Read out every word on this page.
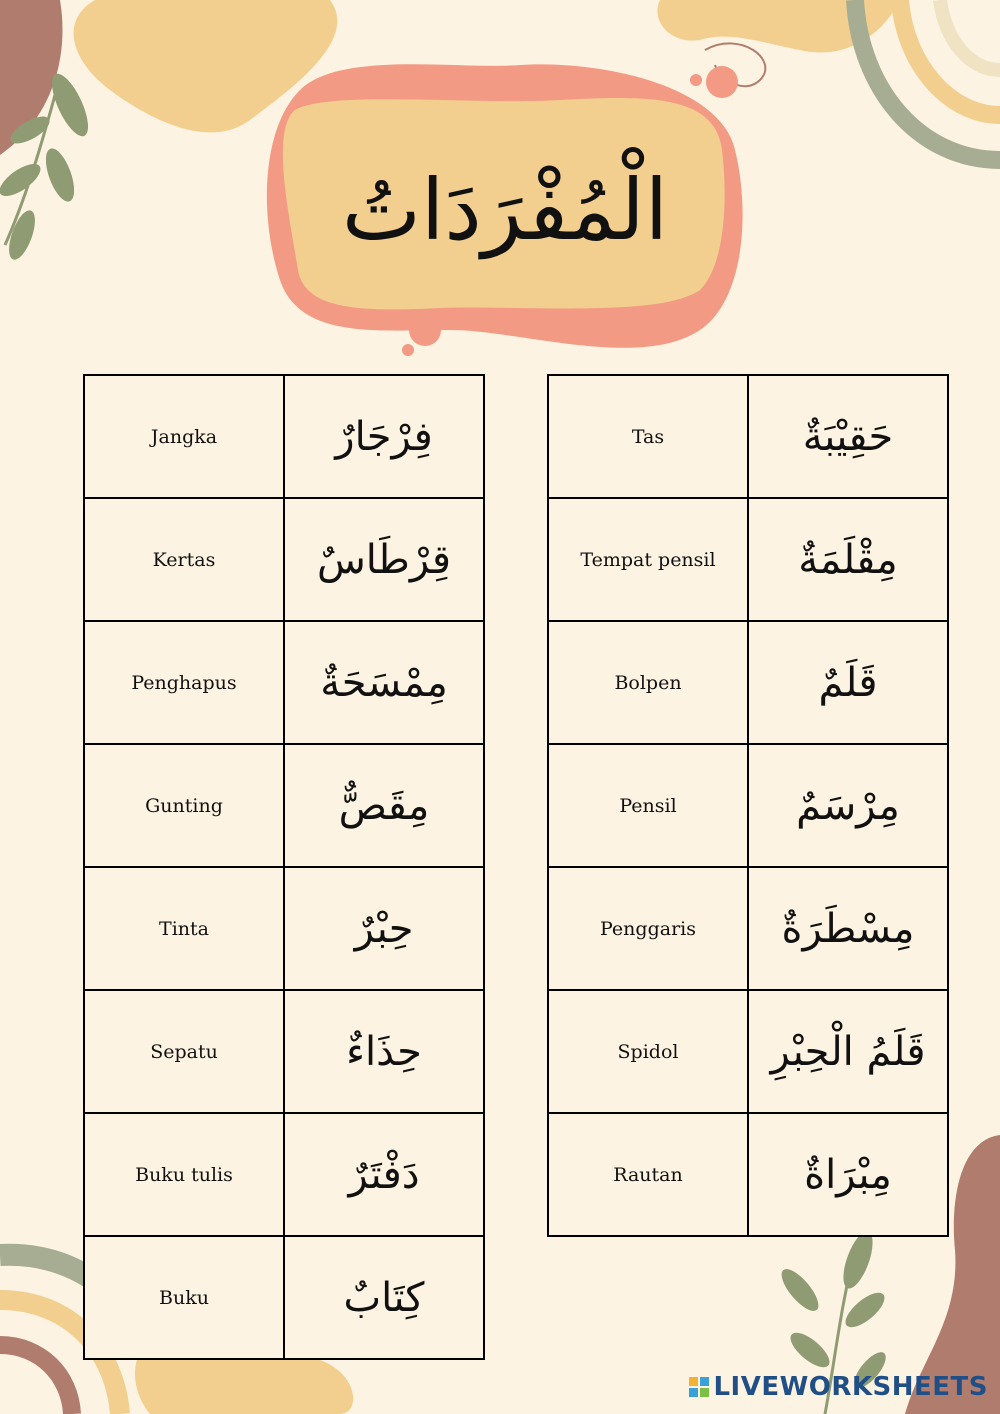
الْمُفْرَدَاتُ
Jangka	فِرْجَارٌ
Kertas	قِرْطَاسٌ
Penghapus	مِمْسَحَةٌ
Gunting	مِقَصٌّ
Tinta	حِبْرٌ
Sepatu	حِذَاءٌ
Buku tulis	دَفْتَرٌ
Buku	كِتَابٌ
Tas	حَقِيْبَةٌ
Tempat pensil	مِقْلَمَةٌ
Bolpen	قَلَمٌ
Pensil	مِرْسَمٌ
Penggaris	مِسْطَرَةٌ
Spidol	قَلَمُ الْحِبْرِ
Rautan	مِبْرَاةٌ
LIVEWORKSHEETS
